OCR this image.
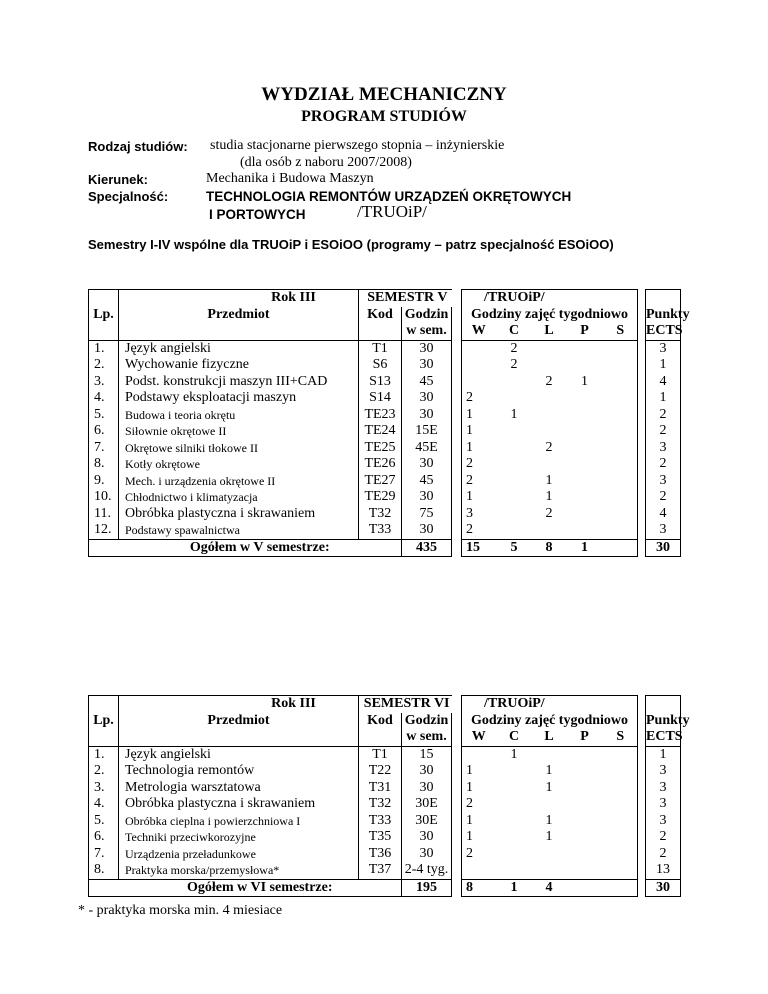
WYDZIAŁ MECHANICZNY
PROGRAM STUDIÓW
Rodzaj studiów: studia stacjonarne pierwszego stopnia – inżynierskie
(dla osób z naboru 2007/2008)
Kierunek:	Mechanika i Budowa Maszyn
Specjalność:	TECHNOLOGIA REMONTÓW URZĄDZEŃ OKRĘTOWYCH
I PORTOWYCH	/TRUOiP/
Semestry I-IV wspólne dla TRUOiP i ESOiOO (programy – patrz specjalność ESOiOO)
	Rok III	SEMESTR V			/TRUOiP/						
Lp.	Przedmiot	Kod	Godzin		Godziny zajęć tygodniowo						Punkty
			w sem.		W	C	L	P	S		ECTS
1.	Język angielski	T1	30			2					3
2.	Wychowanie fizyczne	S6	30			2					1
3.	Podst. konstrukcji maszyn III+CAD	S13	45				2	1			4
4.	Podstawy eksploatacji maszyn	S14	30		2						1
5.	Budowa i teoria okrętu	TE23	30		1	1					2
6.	Siłownie okrętowe II	TE24	15E		1						2
7.	Okrętowe silniki tłokowe II	TE25	45E		1		2				3
8.	Kotły okrętowe	TE26	30		2						2
9.	Mech. i urządzenia okrętowe II	TE27	45		2		1				3
10.	Chłodnictwo i klimatyzacja	TE29	30		1		1				2
11.	Obróbka plastyczna i skrawaniem	T32	75		3		2				4
12.	Podstawy spawalnictwa	T33	30		2						3
	Ogółem w V semestrze:		435		15	5	8	1			30
	Rok III	SEMESTR VI			/TRUOiP/						
Lp.	Przedmiot	Kod	Godzin		Godziny zajęć tygodniowo						Punkty
			w sem.		W	C	L	P	S		ECTS
1.	Język angielski	T1	15			1					1
2.	Technologia remontów	T22	30		1		1				3
3.	Metrologia warsztatowa	T31	30		1		1				3
4.	Obróbka plastyczna i skrawaniem	T32	30E		2						3
5.	Obróbka cieplna i powierzchniowa I	T33	30E		1		1				3
6.	Techniki przeciwkorozyjne	T35	30		1		1				2
7.	Urządzenia przeładunkowe	T36	30		2						2
8.	Praktyka morska/przemysłowa*	T37	2-4 tyg.								13
	Ogółem w VI semestrze:		195		8	1	4				30
* - praktyka morska min. 4 miesiace
